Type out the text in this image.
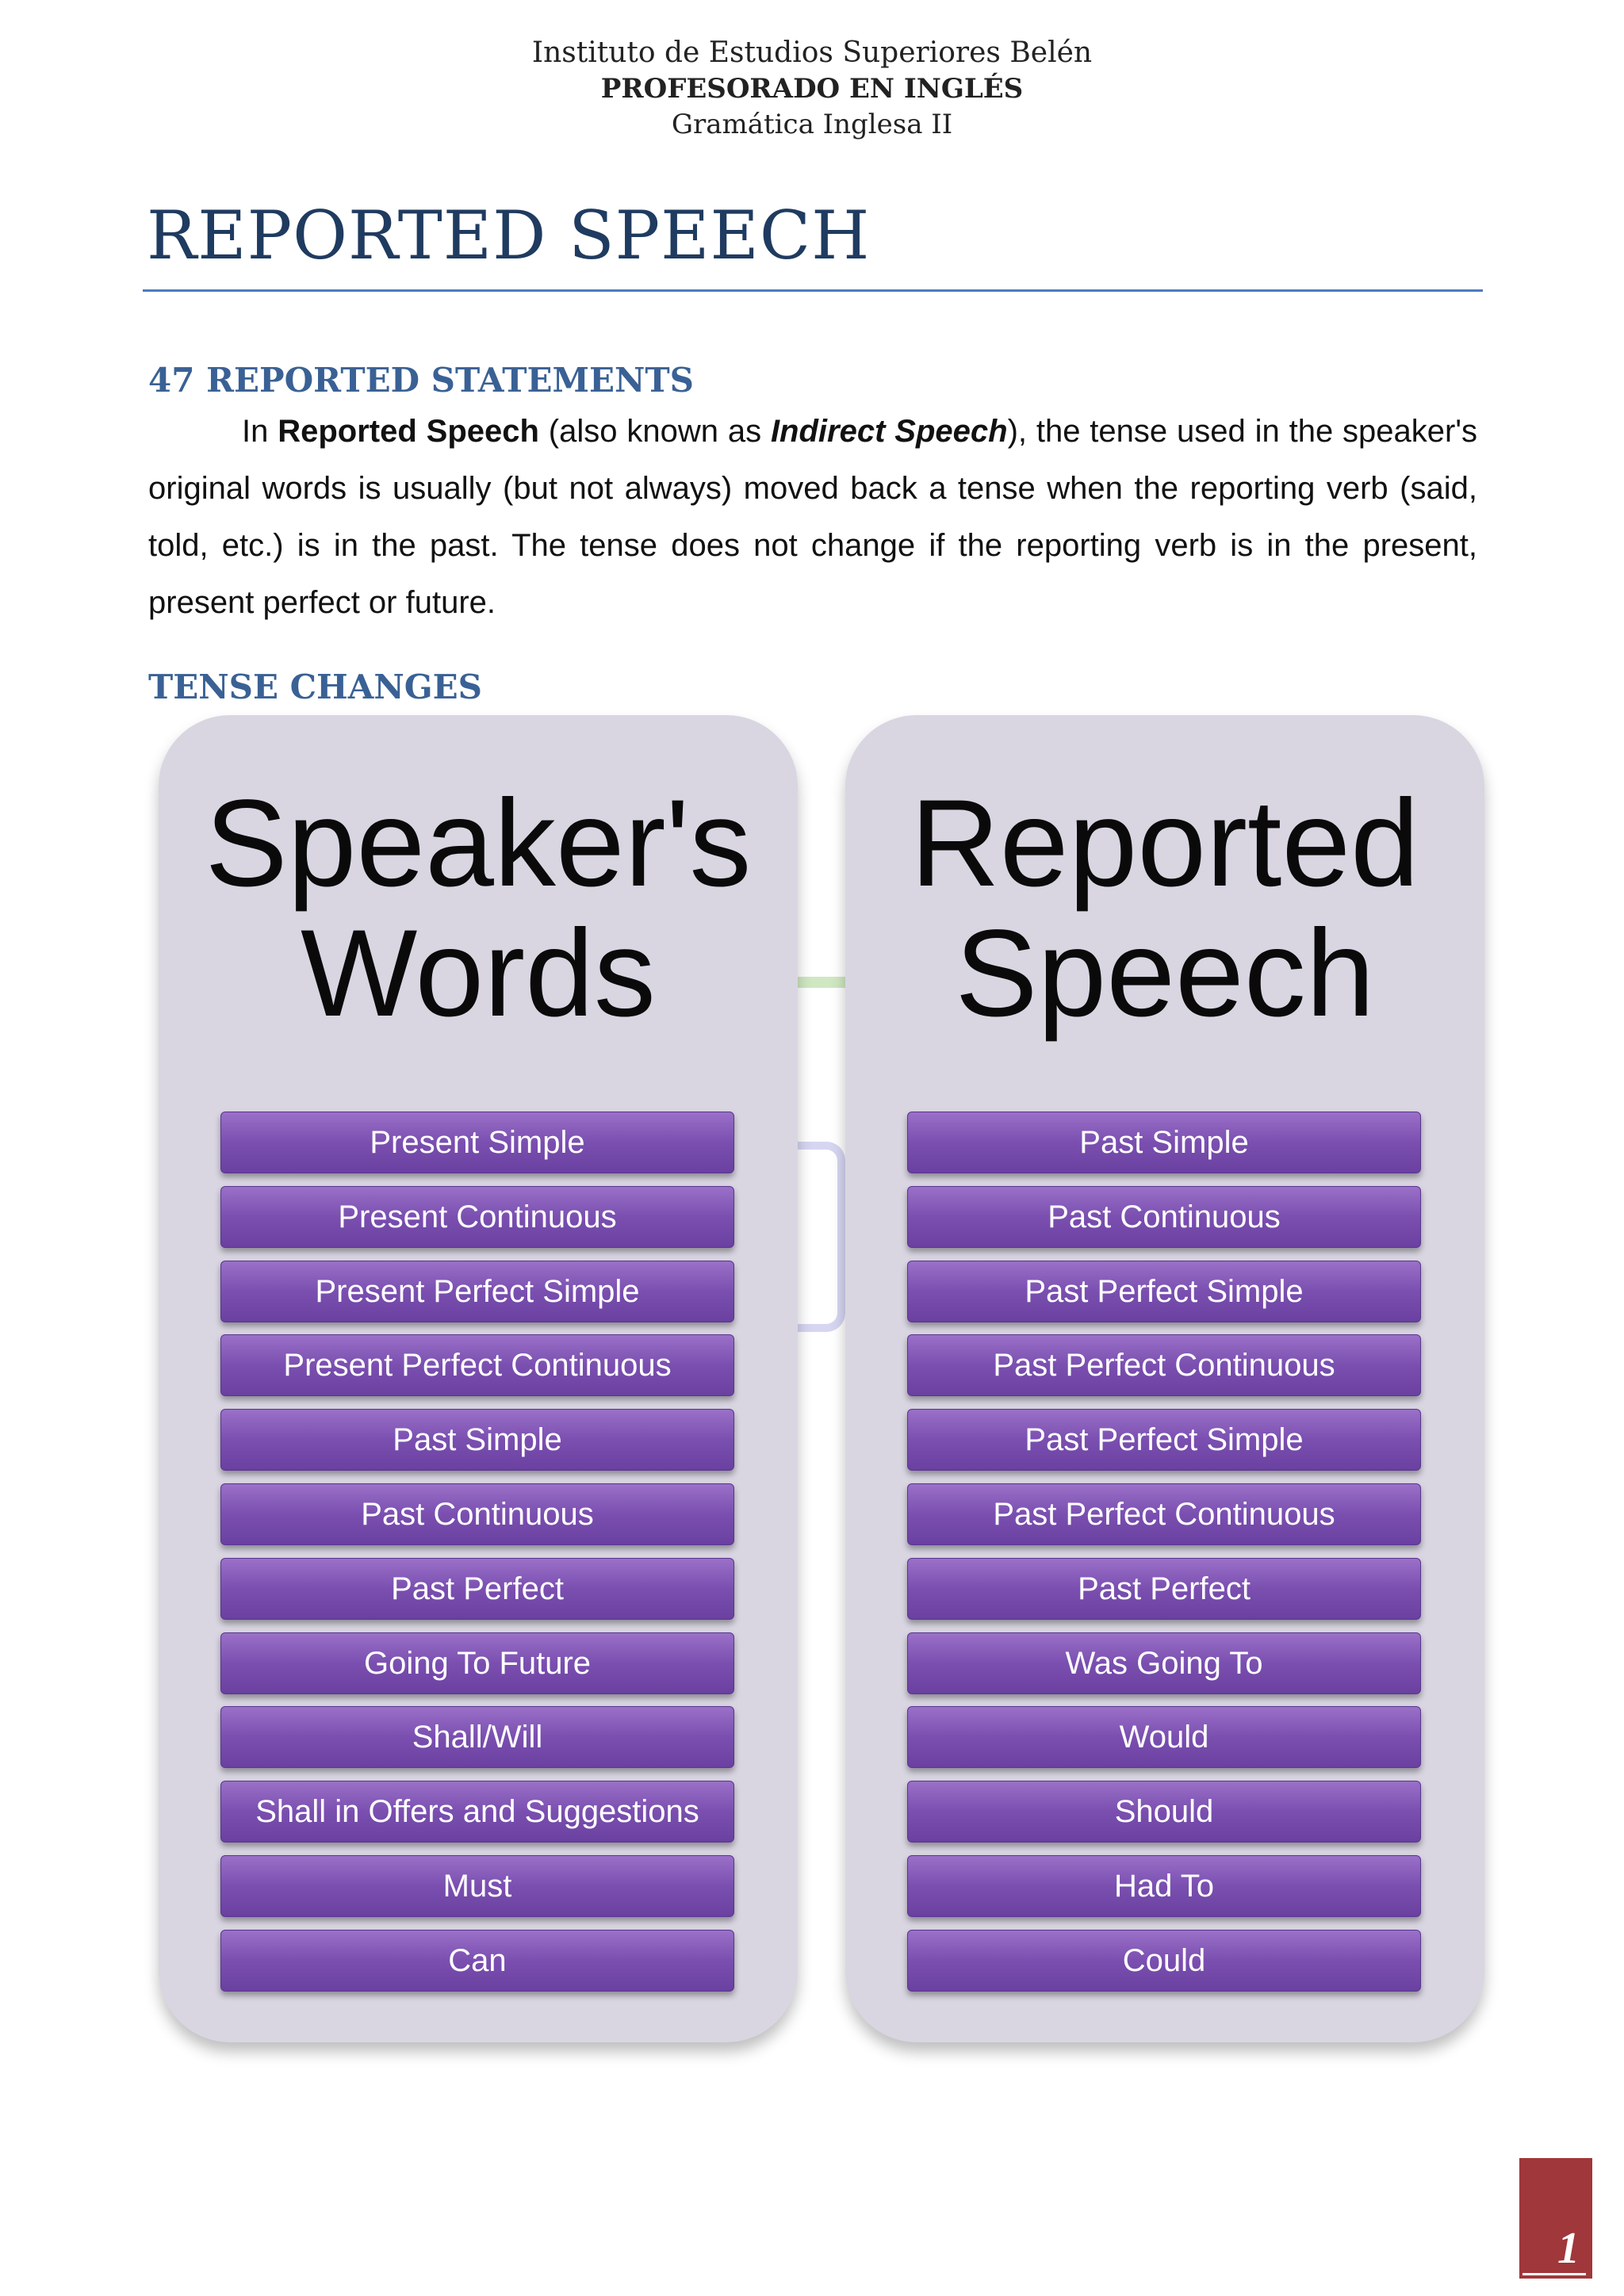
Instituto de Estudios Superiores Belén
PROFESORADO EN INGLÉS
Gramática Inglesa II
REPORTED SPEECH
47 REPORTED STATEMENTS
In Reported Speech (also known as Indirect Speech), the tense used in the speaker's original words is usually (but not always) moved back a tense when the reporting verb (said, told, etc.) is in the past. The tense does not change if the reporting verb is in the present, present perfect or future.
TENSE CHANGES
Speaker's
Words
Present Simple
Present Continuous
Present Perfect Simple
Present Perfect Continuous
Past Simple
Past Continuous
Past Perfect
Going To Future
Shall/Will
Shall in Offers and Suggestions
Must
Can
Reported
Speech
Past Simple
Past Continuous
Past Perfect Simple
Past Perfect Continuous
Past Perfect Simple
Past Perfect Continuous
Past Perfect
Was Going To
Would
Should
Had To
Could
1
